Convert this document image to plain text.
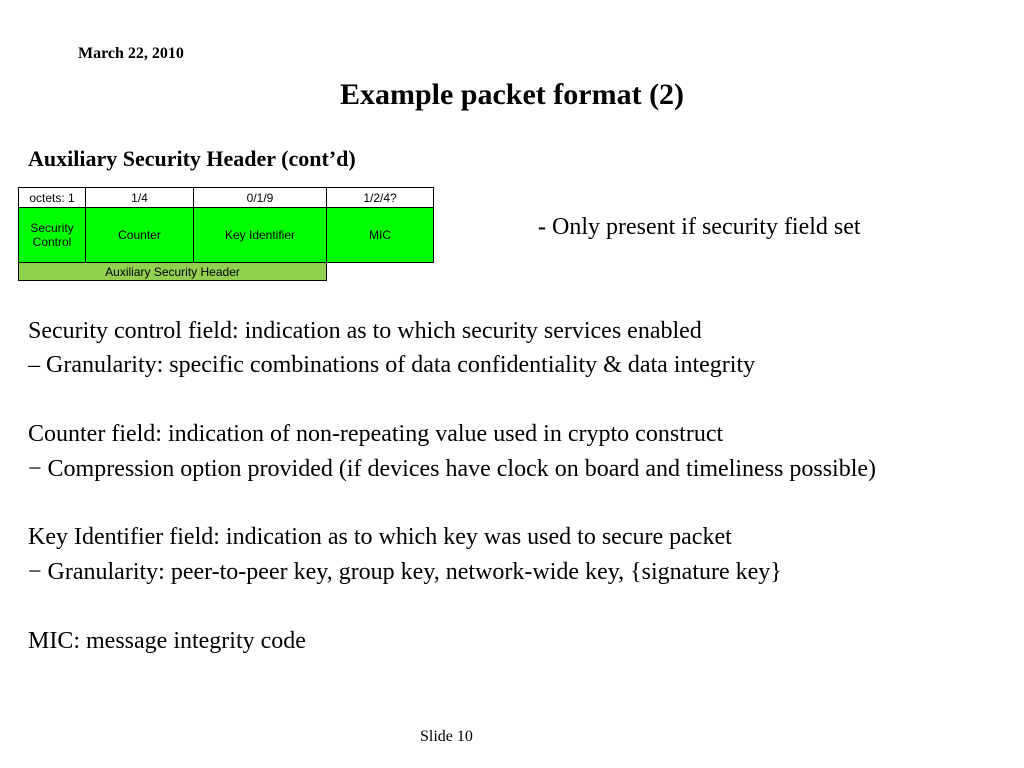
March 22, 2010
Example packet format (2)
Auxiliary Security Header (cont’d)
octets: 1	1/4	0/1/9	1/2/4?
Security Control	Counter	Key Identifier	MIC
Auxiliary Security Header			
- Only present if security field set

Security control field: indication as to which security services enabled
– Granularity: specific combinations of data confidentiality & data integrity

Counter field: indication of non-repeating value used in crypto construct
− Compression option provided (if devices have clock on board and timeliness possible)

Key Identifier field: indication as to which key was used to secure packet
− Granularity: peer-to-peer key, group key, network-wide key, {signature key}

MIC: message integrity code

Slide 10
